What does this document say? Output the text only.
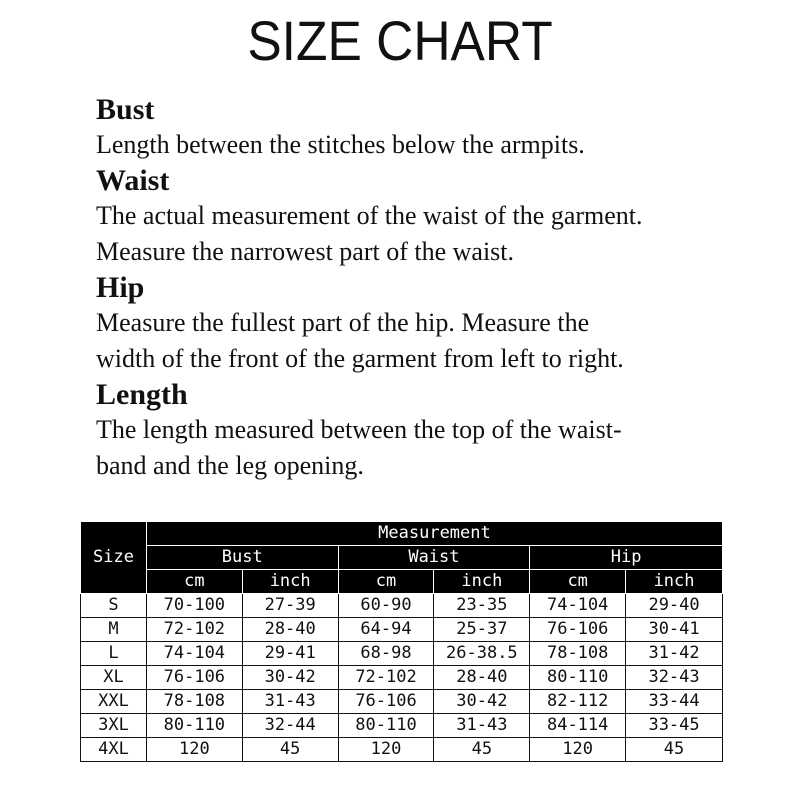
SIZE CHART
Bust
Length between the stitches below the armpits.
Waist
The actual measurement of the waist of the garment.
Measure the narrowest part of the waist.
Hip
Measure the fullest part of the hip. Measure the
width of the front of the garment from left to right.
Length
The length measured between the top of the waist-
band and the leg opening.
Size	Measurement					
	Bust		Waist		Hip	
	cm	inch	cm	inch	cm	inch
S	70-100	27-39	60-90	23-35	74-104	29-40
M	72-102	28-40	64-94	25-37	76-106	30-41
L	74-104	29-41	68-98	26-38.5	78-108	31-42
XL	76-106	30-42	72-102	28-40	80-110	32-43
XXL	78-108	31-43	76-106	30-42	82-112	33-44
3XL	80-110	32-44	80-110	31-43	84-114	33-45
4XL	120	45	120	45	120	45
